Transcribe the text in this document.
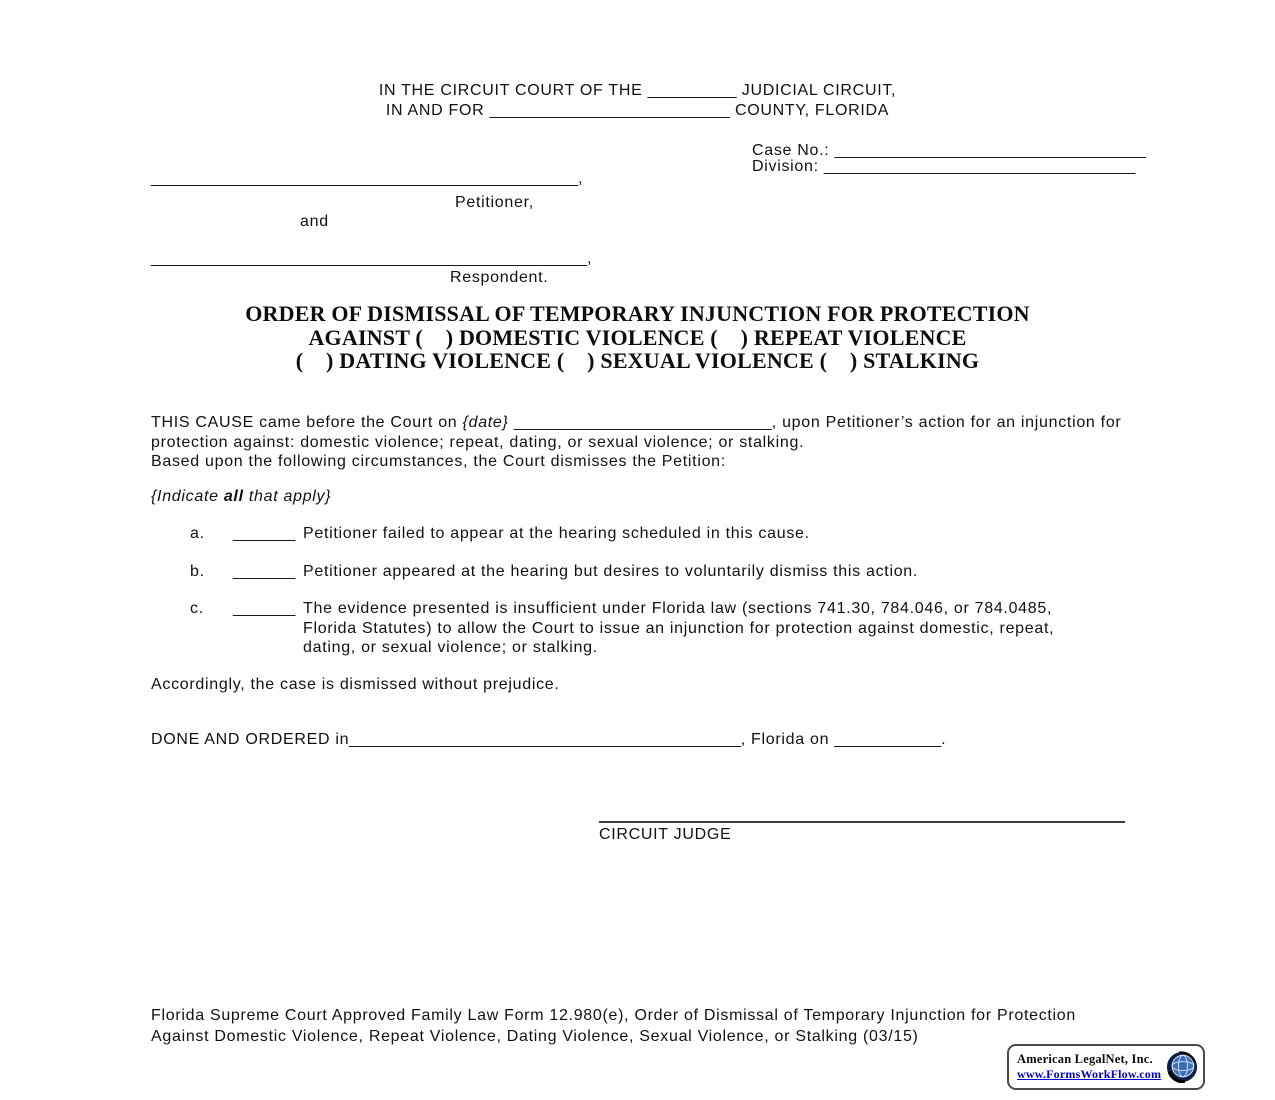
IN THE CIRCUIT COURT OF THE __________ JUDICIAL CIRCUIT,
IN AND FOR ___________________________ COUNTY, FLORIDA
Case No.: ___________________________________
Division: ___________________________________
________________________________________________,
Petitioner,
and
_________________________________________________,
Respondent.
ORDER OF DISMISSAL OF TEMPORARY INJUNCTION FOR PROTECTION
AGAINST (    ) DOMESTIC VIOLENCE (    ) REPEAT VIOLENCE
(    ) DATING VIOLENCE (    ) SEXUAL VIOLENCE (    ) STALKING

THIS CAUSE came before the Court on {date} _____________________________, upon Petitioner’s action for an injunction for protection against: domestic violence; repeat, dating, or sexual violence; or stalking.
Based upon the following circumstances, the Court dismisses the Petition:

{Indicate all that apply}

a.	_______ Petitioner failed to appear at the hearing scheduled in this cause.
b.	_______ Petitioner appeared at the hearing but desires to voluntarily dismiss this action.
c.	_______ The evidence presented is insufficient under Florida law (sections 741.30, 784.046, or 784.0485, Florida Statutes) to allow the Court to issue an injunction for protection against domestic, repeat, dating, or sexual violence; or stalking.

Accordingly, the case is dismissed without prejudice.

DONE AND ORDERED in____________________________________________, Florida on ____________.

CIRCUIT JUDGE
Florida Supreme Court Approved Family Law Form 12.980(e), Order of Dismissal of Temporary Injunction for Protection Against Domestic Violence, Repeat Violence, Dating Violence, Sexual Violence, or Stalking (03/15)
American LegalNet, Inc.
www.FormsWorkFlow.com
